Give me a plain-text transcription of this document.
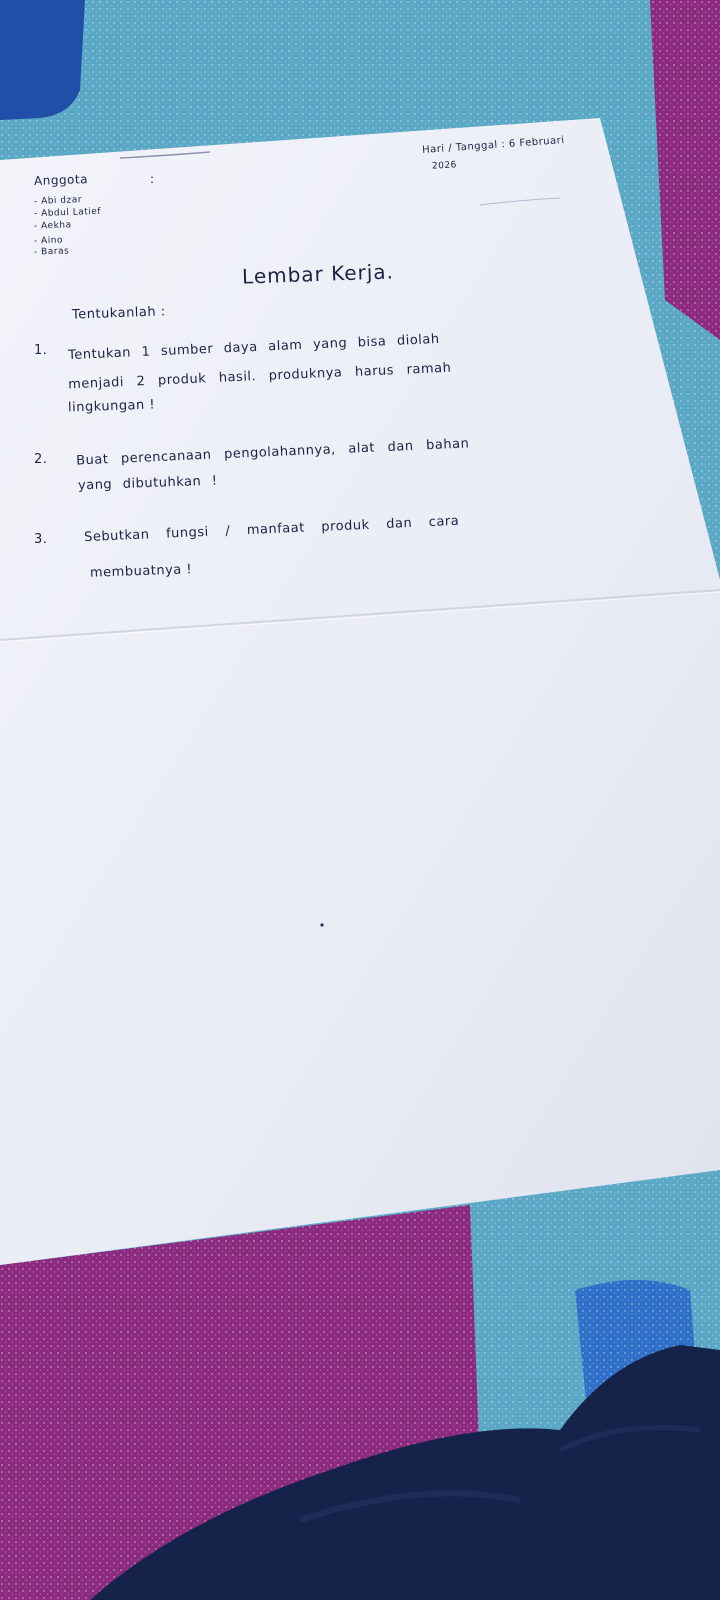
Hari / Tanggal : 6 Februari
2026
Anggota	:
- Abi dzar
- Abdul Latief
- Aekha
- Aino
- Baras
Lembar Kerja.
Tentukanlah :
1. Tentukan 1 sumber daya alam yang bisa diolah
menjadi 2 produk hasil. produknya harus ramah
lingkungan !
2. Buat perencanaan pengolahannya, alat dan bahan
yang dibutuhkan !
3.	Sebutkan fungsi / manfaat produk dan cara
membuatnya !
